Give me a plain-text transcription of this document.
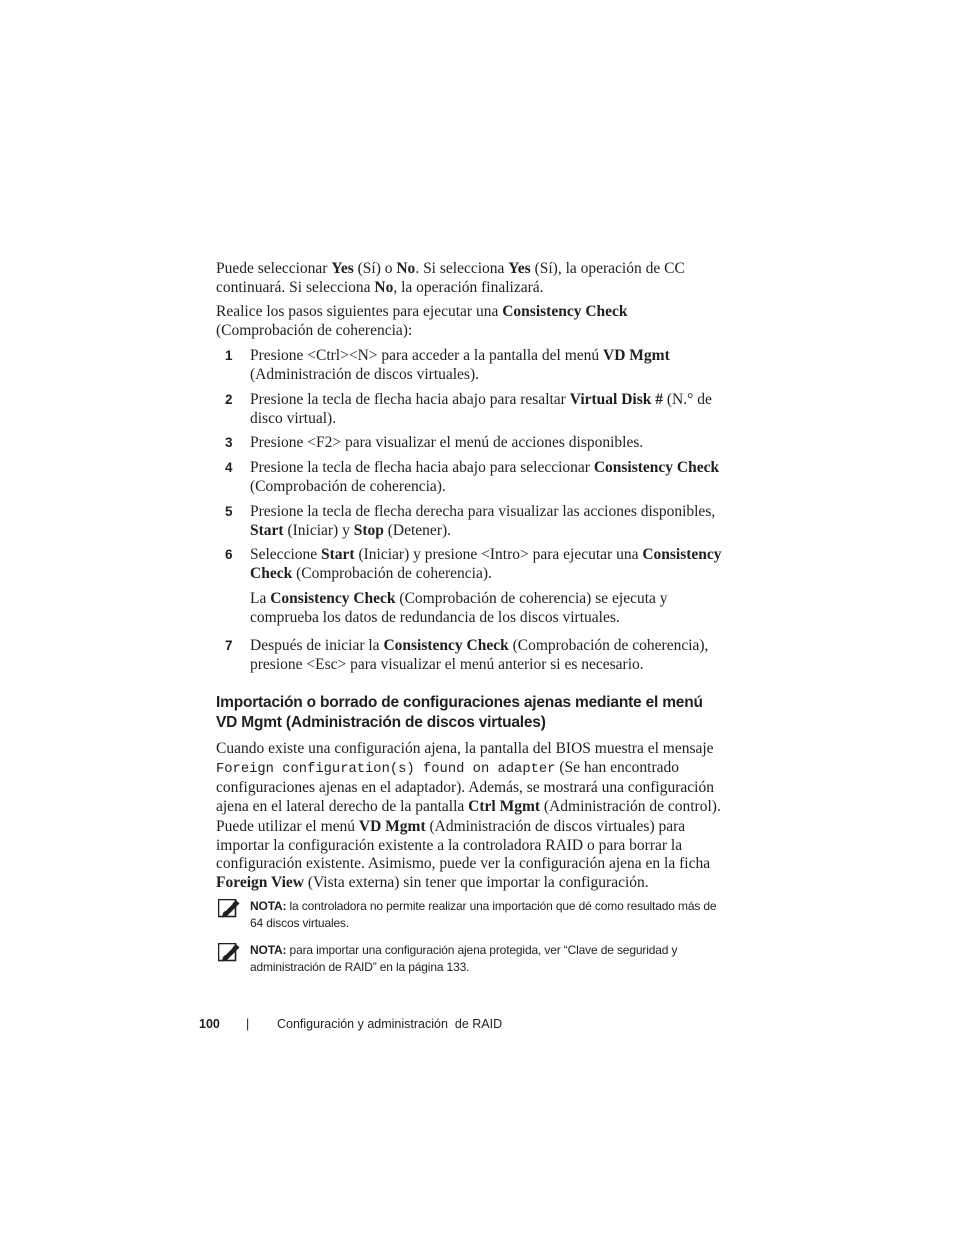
Puede seleccionar Yes (Sí) o No. Si selecciona Yes (Sí), la operación de CC continuará. Si selecciona No, la operación finalizará.

Realice los pasos siguientes para ejecutar una Consistency Check (Comprobación de coherencia):

1 Presione <Ctrl><N> para acceder a la pantalla del menú VD Mgmt (Administración de discos virtuales).
2 Presione la tecla de flecha hacia abajo para resaltar Virtual Disk # (N.° de disco virtual).
3 Presione <F2> para visualizar el menú de acciones disponibles.
4 Presione la tecla de flecha hacia abajo para seleccionar Consistency Check (Comprobación de coherencia).
5 Presione la tecla de flecha derecha para visualizar las acciones disponibles, Start (Iniciar) y Stop (Detener).
6 Seleccione Start (Iniciar) y presione <Intro> para ejecutar una Consistency Check (Comprobación de coherencia).
La Consistency Check (Comprobación de coherencia) se ejecuta y comprueba los datos de redundancia de los discos virtuales.
7 Después de iniciar la Consistency Check (Comprobación de coherencia), presione <Esc> para visualizar el menú anterior si es necesario.
Importación o borrado de configuraciones ajenas mediante el menú VD Mgmt (Administración de discos virtuales)

Cuando existe una configuración ajena, la pantalla del BIOS muestra el mensaje Foreign configuration(s) found on adapter (Se han encontrado configuraciones ajenas en el adaptador). Además, se mostrará una configuración ajena en el lateral derecho de la pantalla Ctrl Mgmt (Administración de control).

Puede utilizar el menú VD Mgmt (Administración de discos virtuales) para importar la configuración existente a la controladora RAID o para borrar la configuración existente. Asimismo, puede ver la configuración ajena en la ficha Foreign View (Vista externa) sin tener que importar la configuración.

NOTA: la controladora no permite realizar una importación que dé como resultado más de 64 discos virtuales.
NOTA: para importar una configuración ajena protegida, ver “Clave de seguridad y administración de RAID” en la página 133.
100 | Configuración y administración  de RAID
